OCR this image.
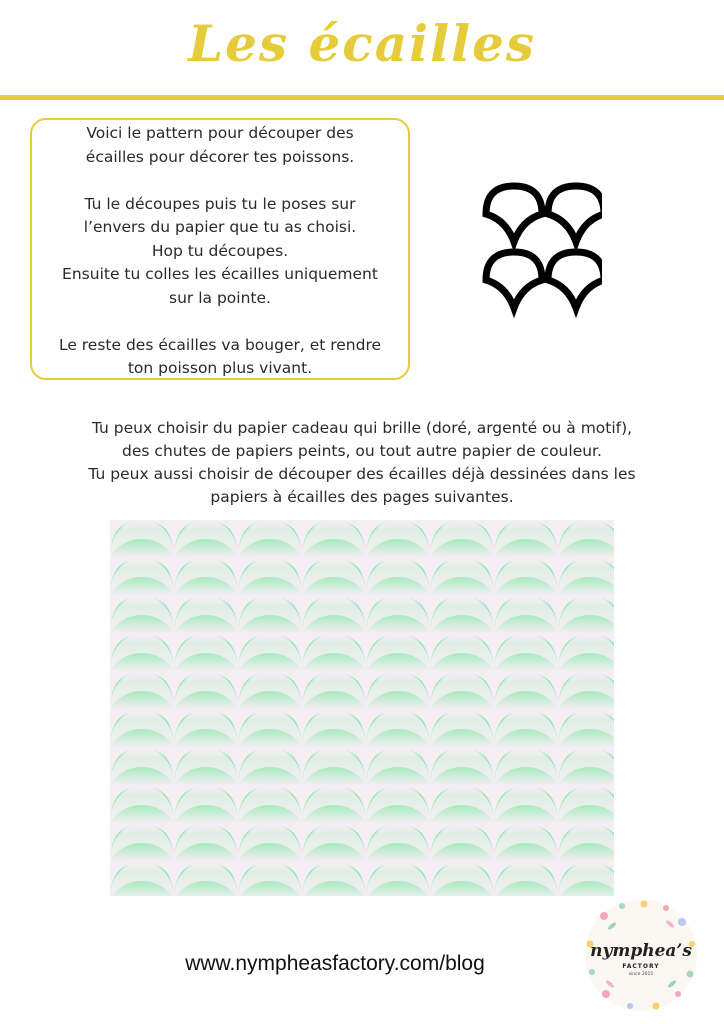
Les écailles

Voici le pattern pour découper des
écailles pour décorer tes poissons.

Tu le découpes puis tu le poses sur
l’envers du papier que tu as choisi.
Hop tu découpes.
Ensuite tu colles les écailles uniquement
sur la pointe.

Le reste des écailles va bouger, et rendre
ton poisson plus vivant.

Tu peux choisir du papier cadeau qui brille (doré, argenté ou à motif),
des chutes de papiers peints, ou tout autre papier de couleur.
Tu peux aussi choisir de découper des écailles déjà dessinées dans les
papiers à écailles des pages suivantes.
www.nympheasfactory.com/blog
nymphea’s
FACTORY
since 2015
